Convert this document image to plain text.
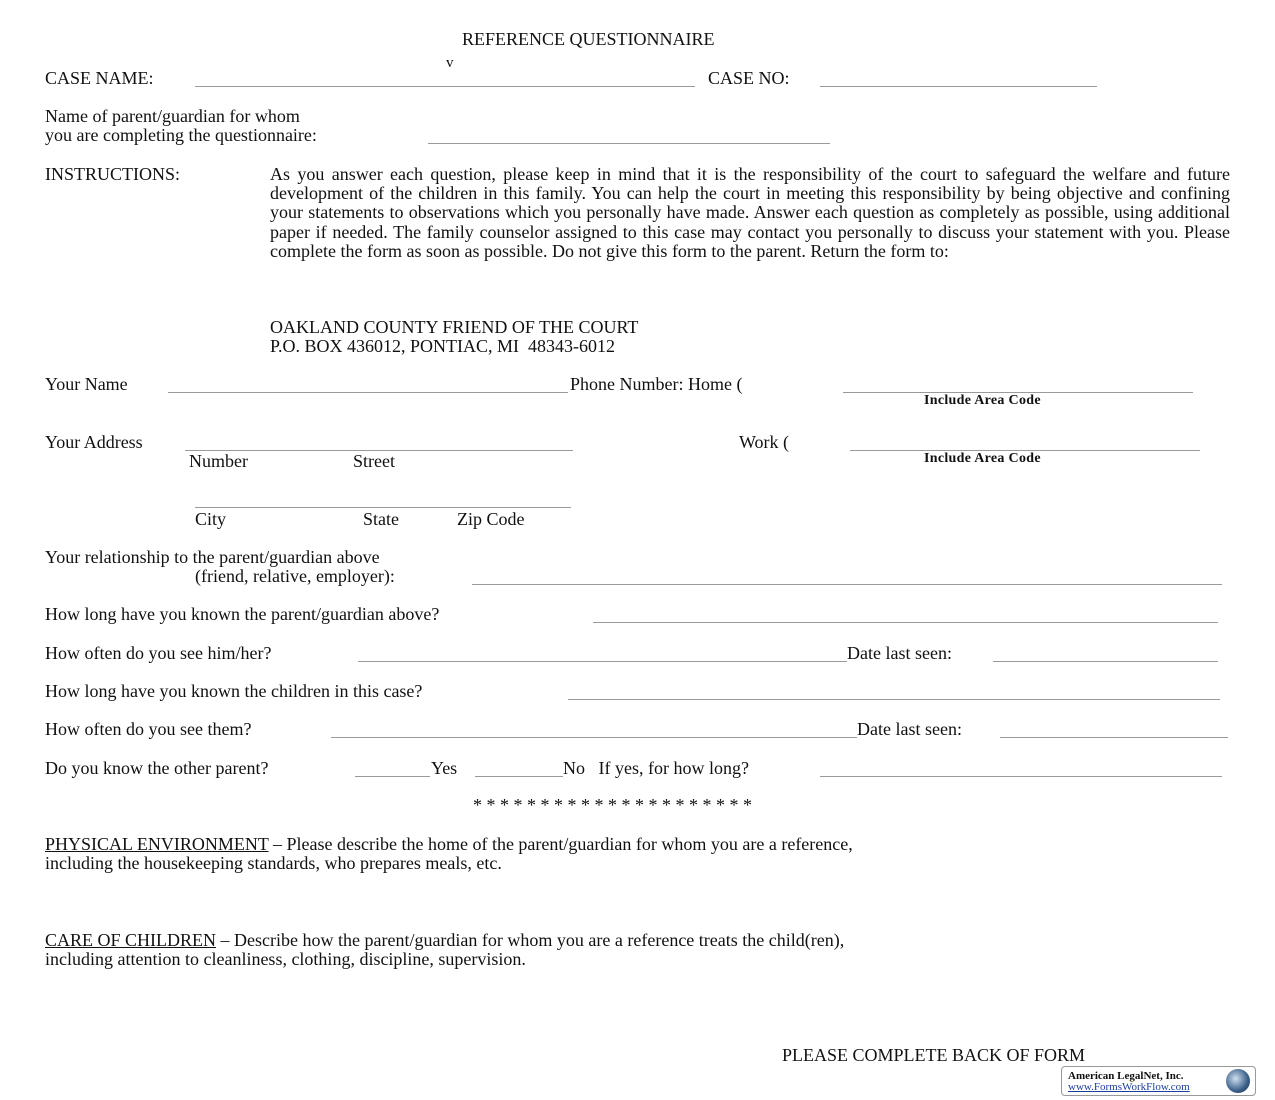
REFERENCE QUESTIONNAIRE
v
CASE NAME:	CASE NO:
Name of parent/guardian for whom
you are completing the questionnaire:
INSTRUCTIONS:	As you answer each question, please keep in mind that it is the responsibility of the court to safeguard the welfare and future development of the children in this family. You can help the court in meeting this responsibility by being objective and confining your statements to observations which you personally have made. Answer each question as completely as possible, using additional paper if needed. The family counselor assigned to this case may contact you personally to discuss your statement with you. Please complete the form as soon as possible. Do not give this form to the parent. Return the form to:
OAKLAND COUNTY FRIEND OF THE COURT
P.O. BOX 436012, PONTIAC, MI  48343-6012
Your Name	Phone Number: Home (
Include Area Code
Your Address	Work (
Include Area Code
Number	Street
City	State	Zip Code
Your relationship to the parent/guardian above
(friend, relative, employer):
How long have you known the parent/guardian above?
How often do you see him/her?	Date last seen:
How long have you known the children in this case?
How often do you see them?	Date last seen:
Do you know the other parent?	Yes	No   If yes, for how long?
* * * * * * * * * * * * * * * * * * * * *
PHYSICAL ENVIRONMENT – Please describe the home of the parent/guardian for whom you are a reference,
including the housekeeping standards, who prepares meals, etc.
CARE OF CHILDREN – Describe how the parent/guardian for whom you are a reference treats the child(ren),
including attention to cleanliness, clothing, discipline, supervision.
PLEASE COMPLETE BACK OF FORM
American LegalNet, Inc.
www.FormsWorkFlow.com
